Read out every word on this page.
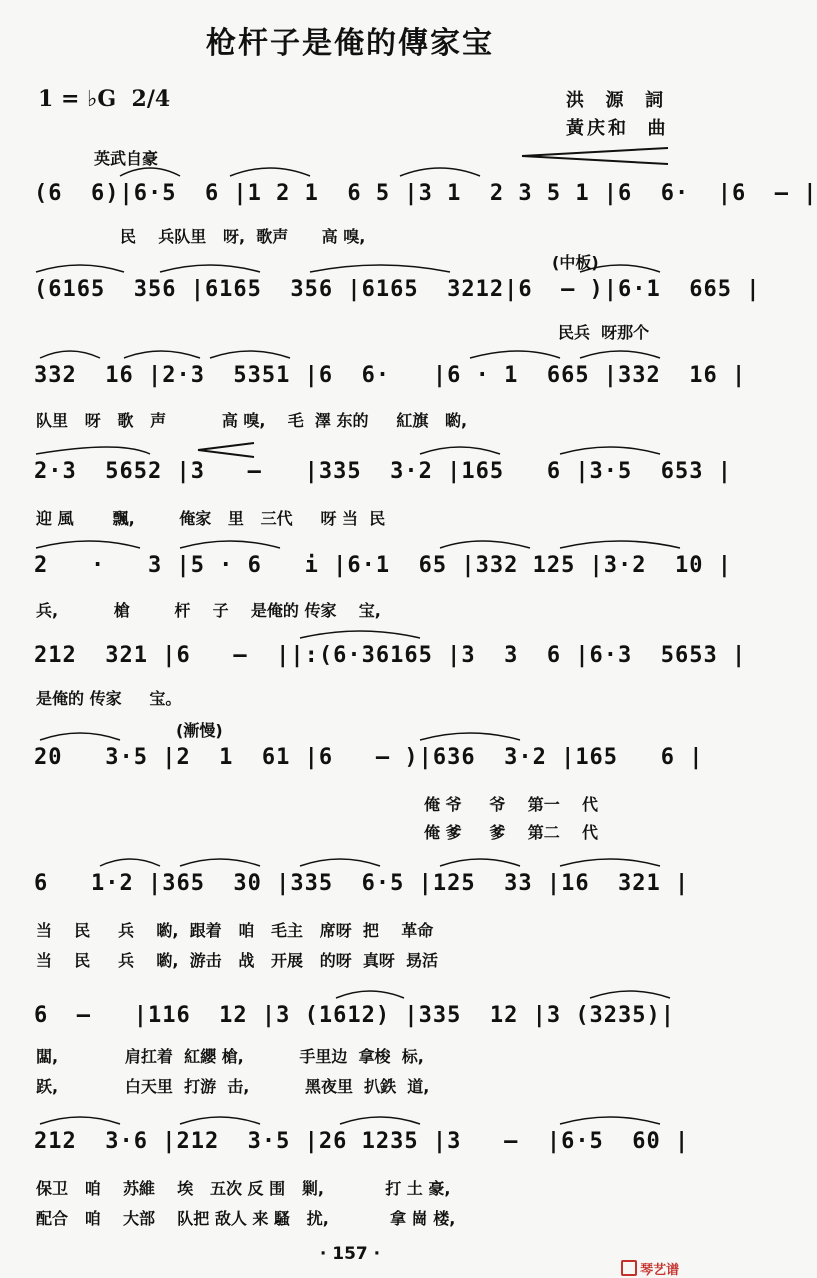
枪杆子是俺的傳家宝
1 = ♭G  2/4	洪  源  詞
黃庆和  曲
英武自豪
(中板)
(漸慢)

(6  6)|6·5  6 |1 2 1  6 5 |3 1  2 3 5 1 |6  6·  |6  — |

民    兵队里   呀,  歌声      高 嗅,

(6165  356 |6165  356 |6165  3212|6  — )|6·1  665 |

民兵  呀那个

332  16 |2·3  5351 |6  6·   |6 · 1  665 |332  16 |

队里   呀   歌   声          高 嗅,    毛  澤 东的     紅旗   喲,

2·3  5652 |3   —   |335  3·2 |165   6 |3·5  653 |

迎 風       飄,        俺家   里   三代     呀 当  民

2   ·   3 |5 · 6   i |6·1  65 |332 125 |3·2  10 |

兵,          槍        杆    子    是俺的 传家    宝,

212  321 |6   —  ||:(6·36165 |3  3  6 |6·3  5653 |

是俺的 传家     宝。

20   3·5 |2  1  61 |6   — )|636  3·2 |165   6 |

俺 爷     爷    第一    代
俺 爹     爹    第二    代

6   1·2 |365  30 |335  6·5 |125  33 |16  321 |

当    民     兵    喲,  跟着   咱   毛主   席呀  把    革命
当    民     兵    喲,  游击   战   开展   的呀  真呀  昮活

6  —   |116  12 |3 (1612) |335  12 |3 (3235)|

闆,            肩扛着  紅纓 槍,          手里边  拿梭  标,
跃,            白天里  打游  击,          黑夜里  扒鉄  道,

212  3·6 |212  3·5 |26 1235 |3   —  |6·5  60 |

保卫   咱    苏維    埃   五次 反 围   剿,           打 土 豪,
配合   咱    大部    队把 敌人 来 騷   扰,           拿 崗 楼,
· 157 ·

琴艺谱
